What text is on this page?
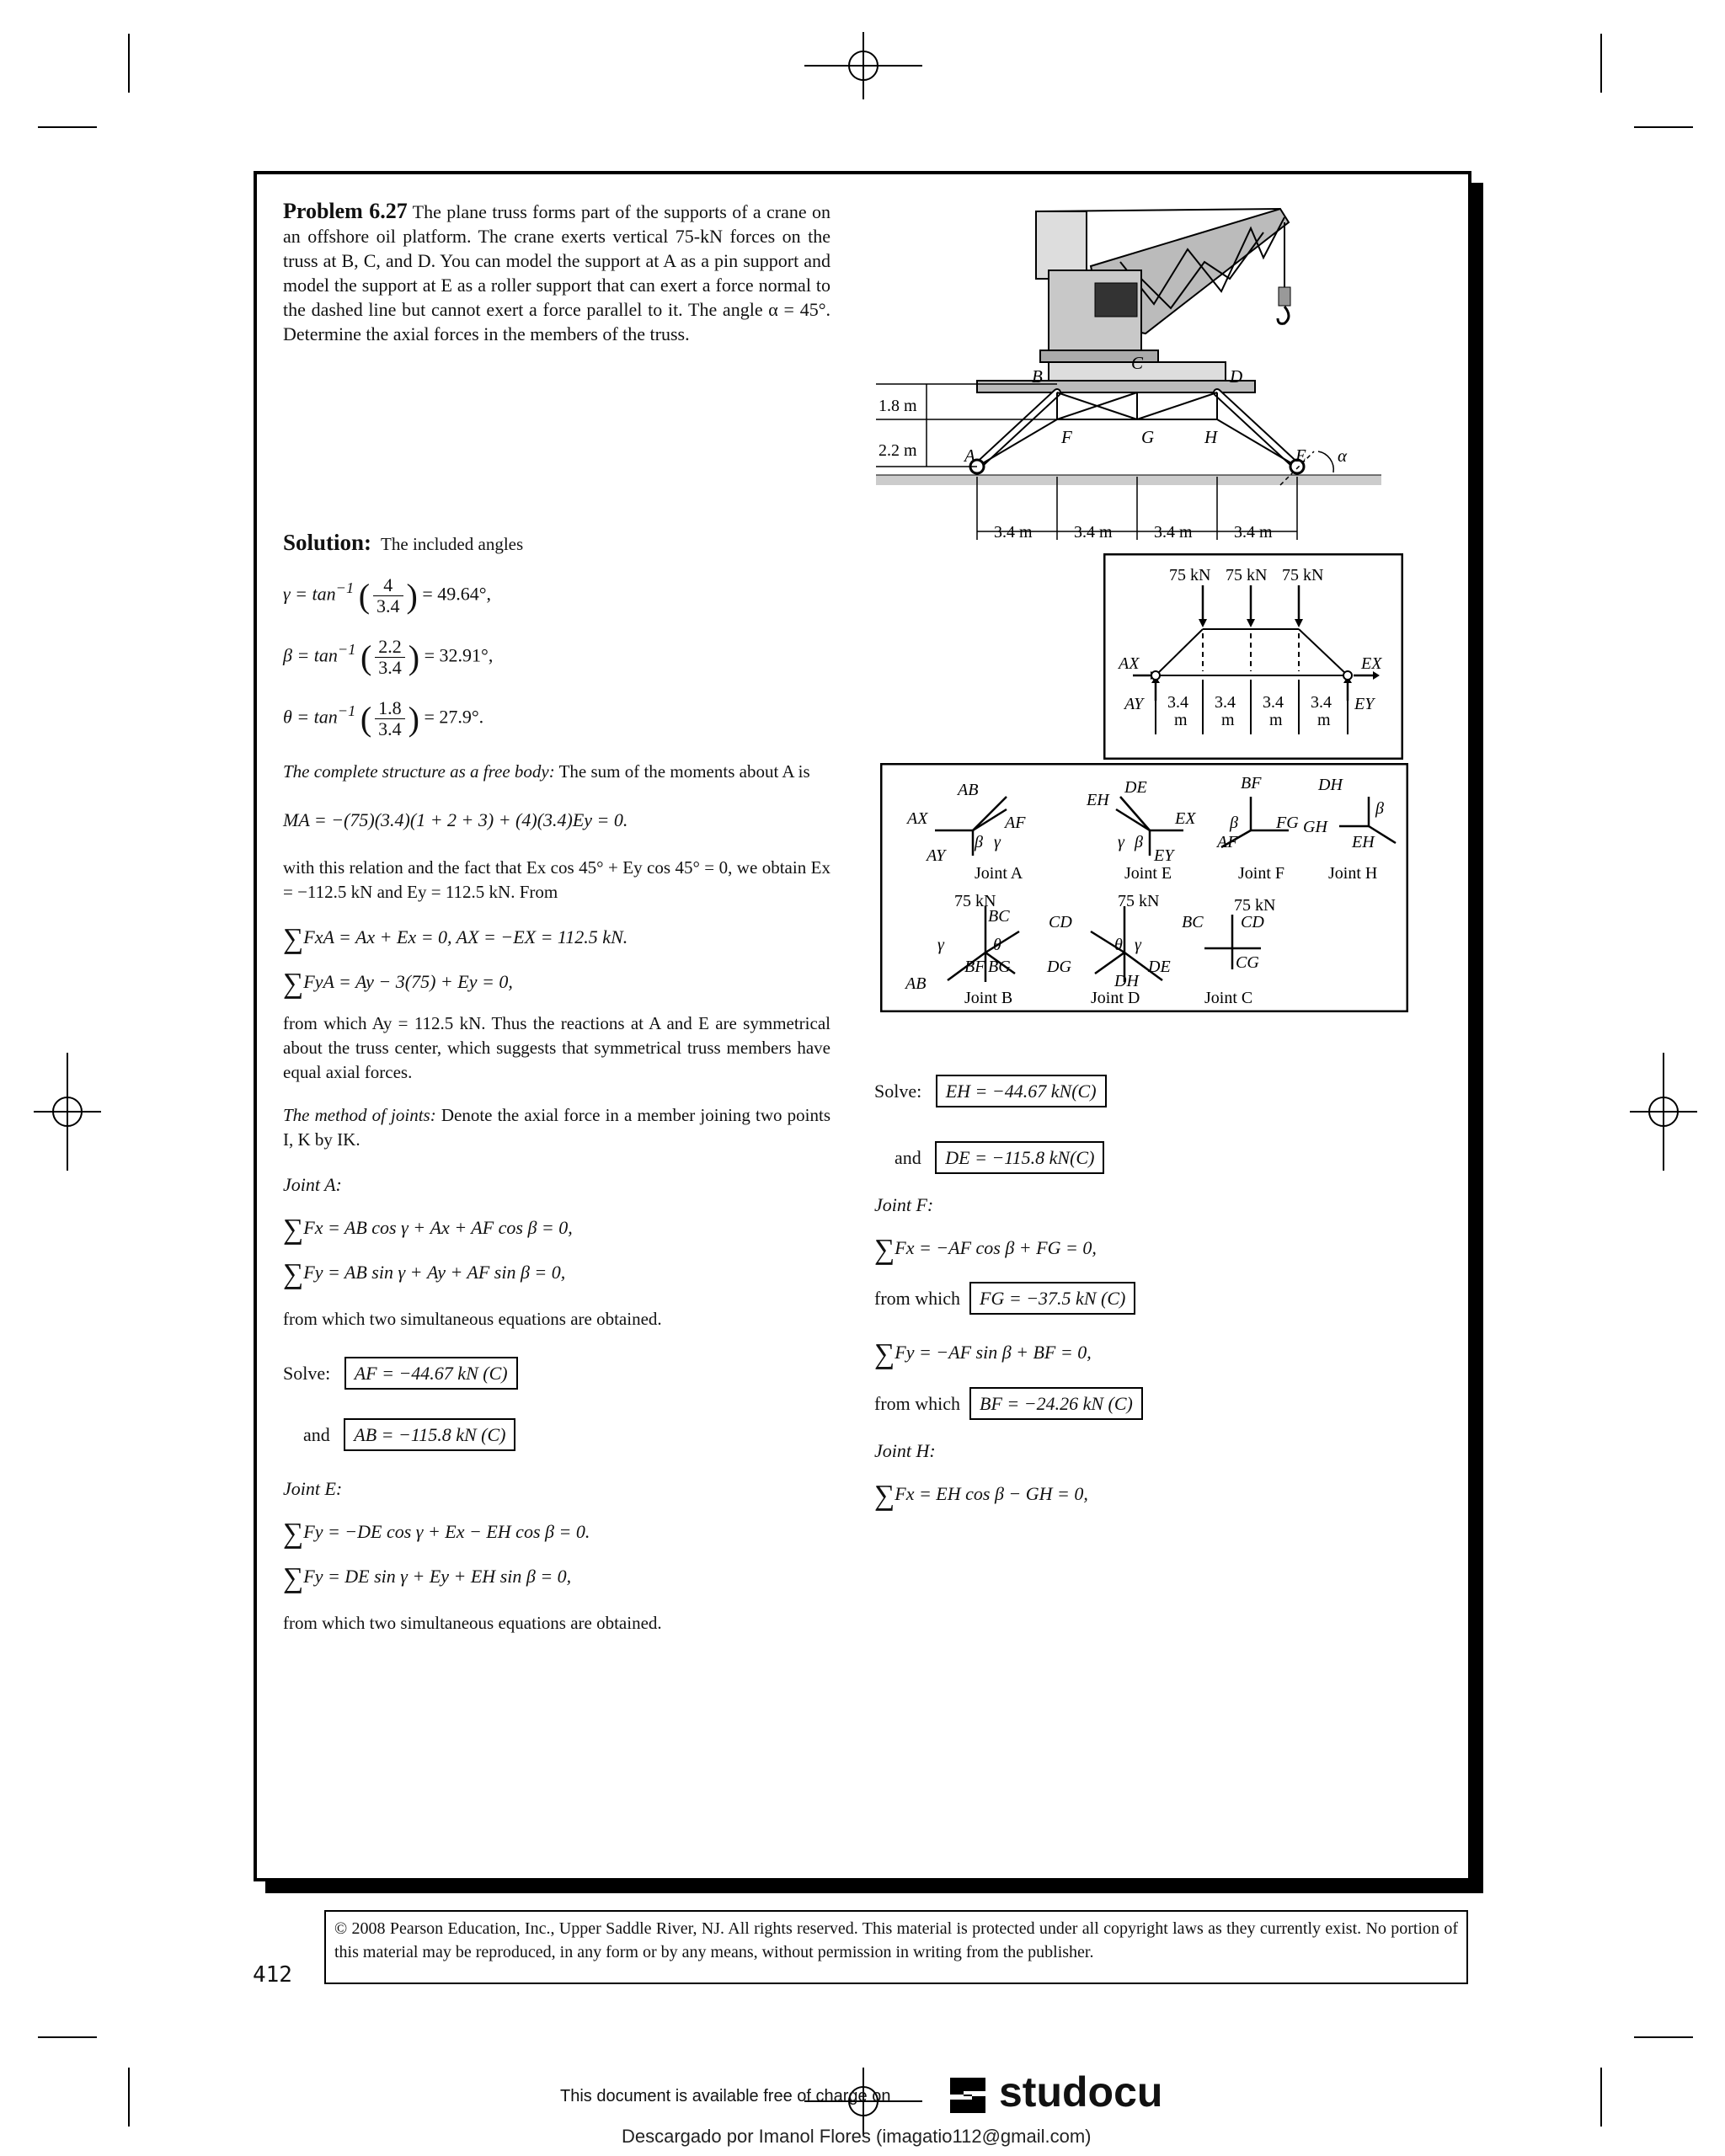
Problem 6.27 The plane truss forms part of the supports of a crane on an offshore oil platform. The crane exerts vertical 75-kN forces on the truss at B, C, and D. You can model the support at A as a pin support and model the support at E as a roller support that can exert a force normal to the dashed line but cannot exert a force parallel to it. The angle α = 45°. Determine the axial forces in the members of the truss.
1.8 m
2.2 m
3.4 m 3.4 m 3.4 m 3.4 m
A
B
C
D
E
F	G	H
α
Solution: The included angles
$\gamma = \tan^{-1}$ ( $\frac{4}{3.4}$ ) = 49.64°,
$\beta = \tan^{-1}$ ( $\frac{2.2}{3.4}$ ) = 32.91°,
$\theta = \tan^{-1}$ ( $\frac{1.8}{3.4}$ ) = 27.9°.
The complete structure as a free body: The sum of the moments about A is
MA = −(75)(3.4)(1 + 2 + 3) + (4)(3.4)Ey = 0.
with this relation and the fact that Ex cos 45° + Ey cos 45° = 0, we obtain Ex = −112.5 kN and Ey = 112.5 kN. From
∑FxA = Ax + Ex = 0, AX = −EX = 112.5 kN.
∑FyA = Ay − 3(75) + Ey = 0,
from which Ay = 112.5 kN. Thus the reactions at A and E are symmetrical about the truss center, which suggests that symmetrical truss members have equal axial forces.
The method of joints: Denote the axial force in a member joining two points I, K by IK.
Joint A:
∑Fx = AB cos γ + Ax + AF cos β = 0,
∑Fy = AB sin γ + Ay + AF sin β = 0,
from which two simultaneous equations are obtained.
Solve: AF = −44.67 kN (C)
and AB = −115.8 kN (C)
Joint E:
∑Fy = −DE cos γ + Ex − EH cos β = 0.
∑Fy = DE sin γ + Ey + EH sin β = 0,
from which two simultaneous equations are obtained.
75 kN 75 kN 75 kN
AX	EX
AY	EY
3.4 3.4 3.4 3.4
m m m m
AB
AF
AX
AY
β γ
EH
DE
EX
EY
γ β
BF
FG
β
AF
DH
GH
EH
β
BC
BG
BF
AB
γ	θ
CD
DG
θ γ
DE
DH
BC CD
CG
Joint A	Joint E	Joint F	Joint H
Joint B	Joint D	Joint C
75 kN	75 kN	75 kN
Solve: EH = −44.67 kN(C)
and DE = −115.8 kN(C)
Joint F:
∑Fx = −AF cos β + FG = 0,
from which FG = −37.5 kN (C)
∑Fy = −AF sin β + BF = 0,
from which BF = −24.26 kN (C)
Joint H:
∑Fx = EH cos β − GH = 0,
© 2008 Pearson Education, Inc., Upper Saddle River, NJ. All rights reserved. This material is protected under all copyright laws as they currently exist. No portion of this material may be reproduced, in any form or by any means, without permission in writing from the publisher.
412
This document is available free of charge on	studocu
Descargado por Imanol Flores (imagatio112@gmail.com)
